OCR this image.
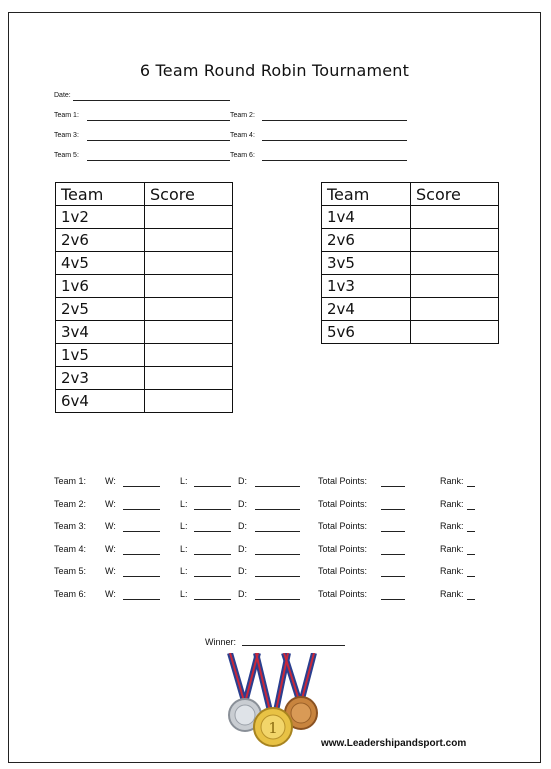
6 Team Round Robin Tournament
Date:
Team 1:	Team 2:
Team 3:	Team 4:
Team 5:	Team 6:
Team	Score
1v2	
2v6	
4v5	
1v6	
2v5	
3v4	
1v5	
2v3	
6v4	
Team	Score
1v4	
2v6	
3v5	
1v3	
2v4	
5v6	
Team 1: W:	L:	D:	Total Points:	Rank:
Team 2: W:	L:	D:	Total Points:	Rank:
Team 3: W:	L:	D:	Total Points:	Rank:
Team 4: W:	L:	D:	Total Points:	Rank:
Team 5: W:	L:	D:	Total Points:	Rank:
Team 6: W:	L:	D:	Total Points:	Rank:
Winner:
1
www.Leadershipandsport.com
